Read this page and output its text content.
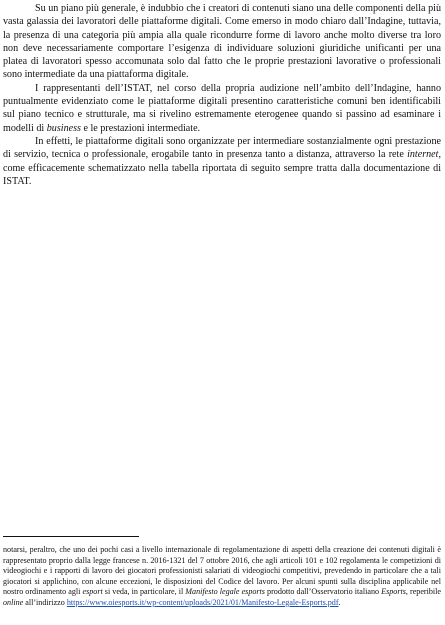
Su un piano più generale, è indubbio che i creatori di contenuti siano una delle componenti della più vasta galassia dei lavoratori delle piattaforme digitali. Come emerso in modo chiaro dall’Indagine, tuttavia, la presenza di una categoria più ampia alla quale ricondurre forme di lavoro anche molto diverse tra loro non deve necessariamente comportare l’esigenza di individuare soluzioni giuridiche unificanti per una platea di lavoratori spesso accomunata solo dal fatto che le proprie prestazioni lavorative o professionali sono intermediate da una piattaforma digitale.

I rappresentanti dell’ISTAT, nel corso della propria audizione nell’ambito dell’Indagine, hanno puntualmente evidenziato come le piattaforme digitali presentino caratteristiche comuni ben identificabili sul piano tecnico e strutturale, ma si rivelino estremamente eterogenee quando si passino ad esaminare i modelli di business e le prestazioni intermediate.

In effetti, le piattaforme digitali sono organizzate per intermediare sostanzialmente ogni prestazione di servizio, tecnica o professionale, erogabile tanto in presenza tanto a distanza, attraverso la rete internet, come efficacemente schematizzato nella tabella riportata di seguito sempre tratta dalla documentazione di ISTAT.

notarsi, peraltro, che uno dei pochi casi a livello internazionale di regolamentazione di aspetti della creazione dei contenuti digitali è rappresentato proprio dalla legge francese n. 2016-1321 del 7 ottobre 2016, che agli articoli 101 e 102 regolamenta le competizioni di videogiochi e i rapporti di lavoro dei giocatori professionisti salariati di videogiochi competitivi, prevedendo in particolare che a tali giocatori si applichino, con alcune eccezioni, le disposizioni del Codice del lavoro. Per alcuni spunti sulla disciplina applicabile nel nostro ordinamento agli esport si veda, in particolare, il Manifesto legale esports prodotto dall’Osservatorio italiano Esports, reperibile online all’indirizzo https://www.oiesports.it/wp-content/uploads/2021/01/Manifesto-Legale-Esports.pdf.
